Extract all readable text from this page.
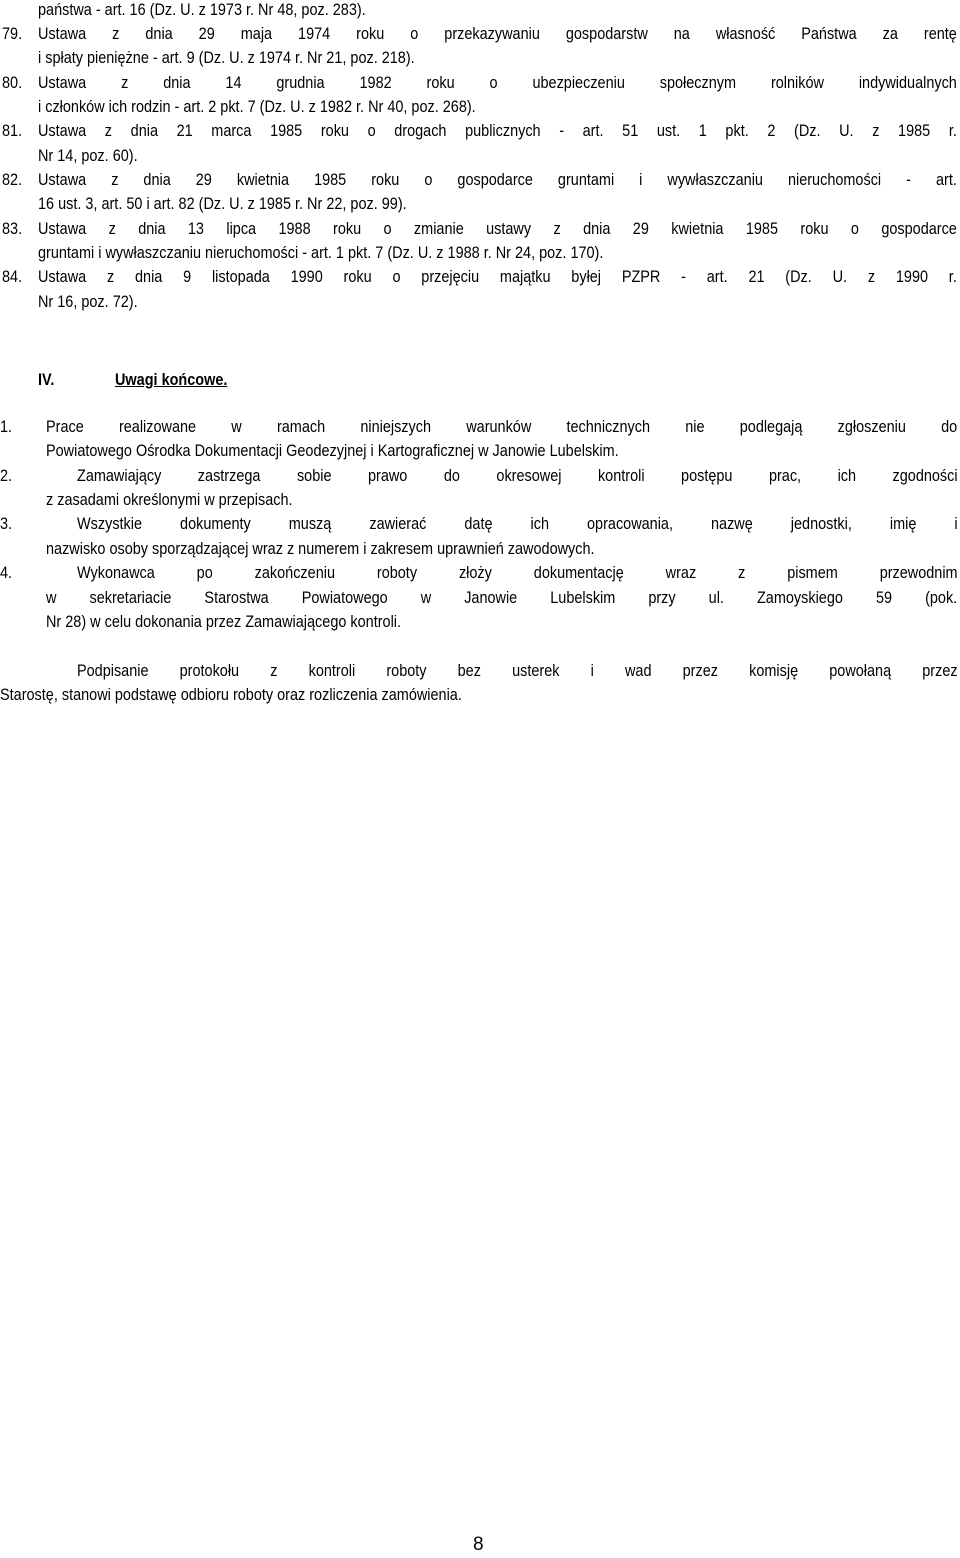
państwa - art. 16 (Dz. U. z 1973 r. Nr 48, poz. 283).
79. Ustawa z dnia 29 maja 1974 roku o przekazywaniu gospodarstw na własność Państwa za rentę
i spłaty pieniężne - art. 9 (Dz. U. z 1974 r. Nr 21, poz. 218).
80. Ustawa z dnia 14 grudnia 1982 roku o ubezpieczeniu społecznym rolników indywidualnych
i członków ich rodzin - art. 2 pkt. 7 (Dz. U. z 1982 r. Nr 40, poz. 268).
81. Ustawa z dnia 21 marca 1985 roku o drogach publicznych - art. 51 ust. 1 pkt. 2 (Dz. U. z 1985 r.
Nr 14, poz. 60).
82. Ustawa z dnia 29 kwietnia 1985 roku o gospodarce gruntami i wywłaszczaniu nieruchomości - art.
16 ust. 3, art. 50 i art. 82 (Dz. U. z 1985 r. Nr 22, poz. 99).
83. Ustawa z dnia 13 lipca 1988 roku o zmianie ustawy z dnia 29 kwietnia 1985 roku o gospodarce
gruntami i wywłaszczaniu nieruchomości - art. 1 pkt. 7 (Dz. U. z 1988 r. Nr 24, poz. 170).
84. Ustawa z dnia 9 listopada 1990 roku o przejęciu majątku byłej PZPR - art. 21 (Dz. U. z 1990 r.
Nr 16, poz. 72).
IV.	Uwagi końcowe.
1. Prace realizowane w ramach niniejszych warunków technicznych nie podlegają zgłoszeniu do
Powiatowego Ośrodka Dokumentacji Geodezyjnej i Kartograficznej w Janowie Lubelskim.
2.	Zamawiający zastrzega sobie prawo do okresowej kontroli postępu prac, ich zgodności
z zasadami określonymi w przepisach.
3.	Wszystkie dokumenty muszą zawierać datę ich opracowania, nazwę jednostki, imię i
nazwisko osoby sporządzającej wraz z numerem i zakresem uprawnień zawodowych.
4.	Wykonawca po zakończeniu roboty złoży dokumentację wraz z pismem przewodnim
w sekretariacie Starostwa Powiatowego w Janowie Lubelskim przy ul. Zamoyskiego 59 (pok.
Nr 28) w celu dokonania przez Zamawiającego kontroli.
Podpisanie protokołu z kontroli roboty bez usterek i wad przez komisję powołaną przez
Starostę, stanowi podstawę odbioru roboty oraz rozliczenia zamówienia.
8
